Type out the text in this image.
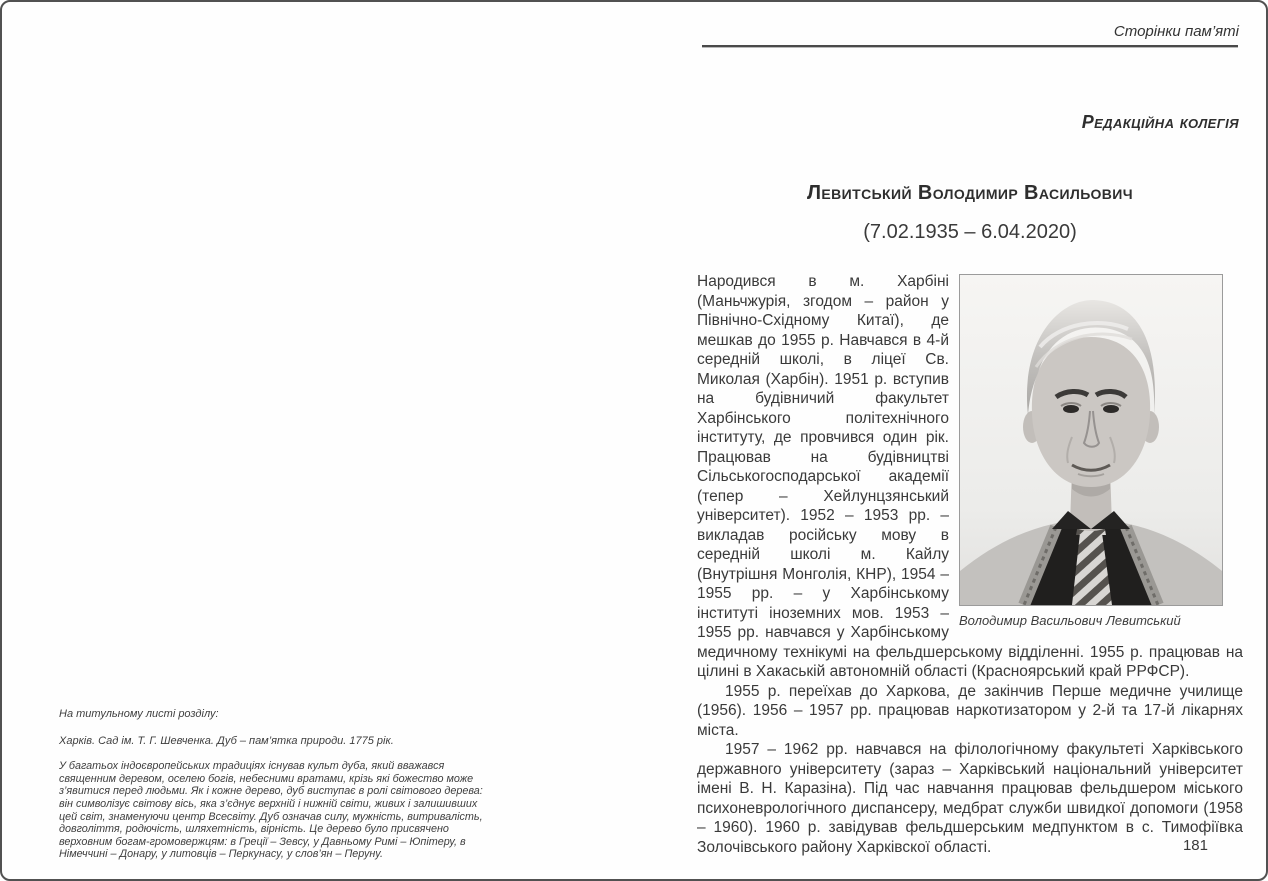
Сторінки пам’яті
Редакційна колегія
Левитський Володимир Васильович
(7.02.1935 – 6.04.2020)
Володимир Васильович Левитський

Народився в м. Харбіні (Маньчжурія, згодом – район у Північно-Східному Китаї), де мешкав до 1955 р. Навчався в 4-й середній школі, в ліцеї Св. Миколая (Харбін). 1951 р. вступив на будівничий факультет Харбінського політехнічного інституту, де провчився один рік. Працював на будівництві Сільськогосподарської академії (тепер – Хейлунцзянський університет). 1952 – 1953 рр. – викладав російську мову в середній школі м. Кайлу (Внутрішня Монголія, КНР), 1954 – 1955 рр. – у Харбінському інституті іноземних мов. 1953 – 1955 рр. навчався у Харбінському медичному технікумі на фельдшерському відділенні. 1955 р. працював на цілині в Хакаській автономній області (Красноярський край РРФСР).

1955 р. переїхав до Харкова, де закінчив Перше медичне училище (1956). 1956 – 1957 рр. працював наркотизатором у 2-й та 17-й лікарнях міста.

1957 – 1962 рр. навчався на філологічному факультеті Харківського державного університету (зараз – Харківський національний університет імені В. Н. Каразіна). Під час навчання працював фельдшером міського психоневрологічного диспансеру, медбрат служби швидкої допомоги (1958 – 1960). 1960 р. завідував фельдшерським медпунктом в с. Тимофіївка Золочівського району Харківскої області.

На титульному листі розділу:
Харків. Сад ім. Т. Г. Шевченка. Дуб – пам’ятка природи. 1775 рік.
У багатьох індоєвропейських традиціях існував культ дуба, який вважався священним деревом, оселею богів, небесними вратами, крізь які божество може з’явитися перед людьми. Як і кожне дерево, дуб виступає в ролі світового дерева: він символізує світову вісь, яка з’єднує верхній і нижній світи, живих і залишивших цей світ, знаменуючи центр Всесвіту. Дуб означав силу, мужність, витривалість, довголіття, родючість, шляхетність, вірність. Це дерево було присвячено верховним богам-громовержцям: в Греції – Зевсу, у Давньому Римі – Юпітеру, в Німеччині – Донару, у литовців – Перкунасу, у слов’ян – Перуну.
181
